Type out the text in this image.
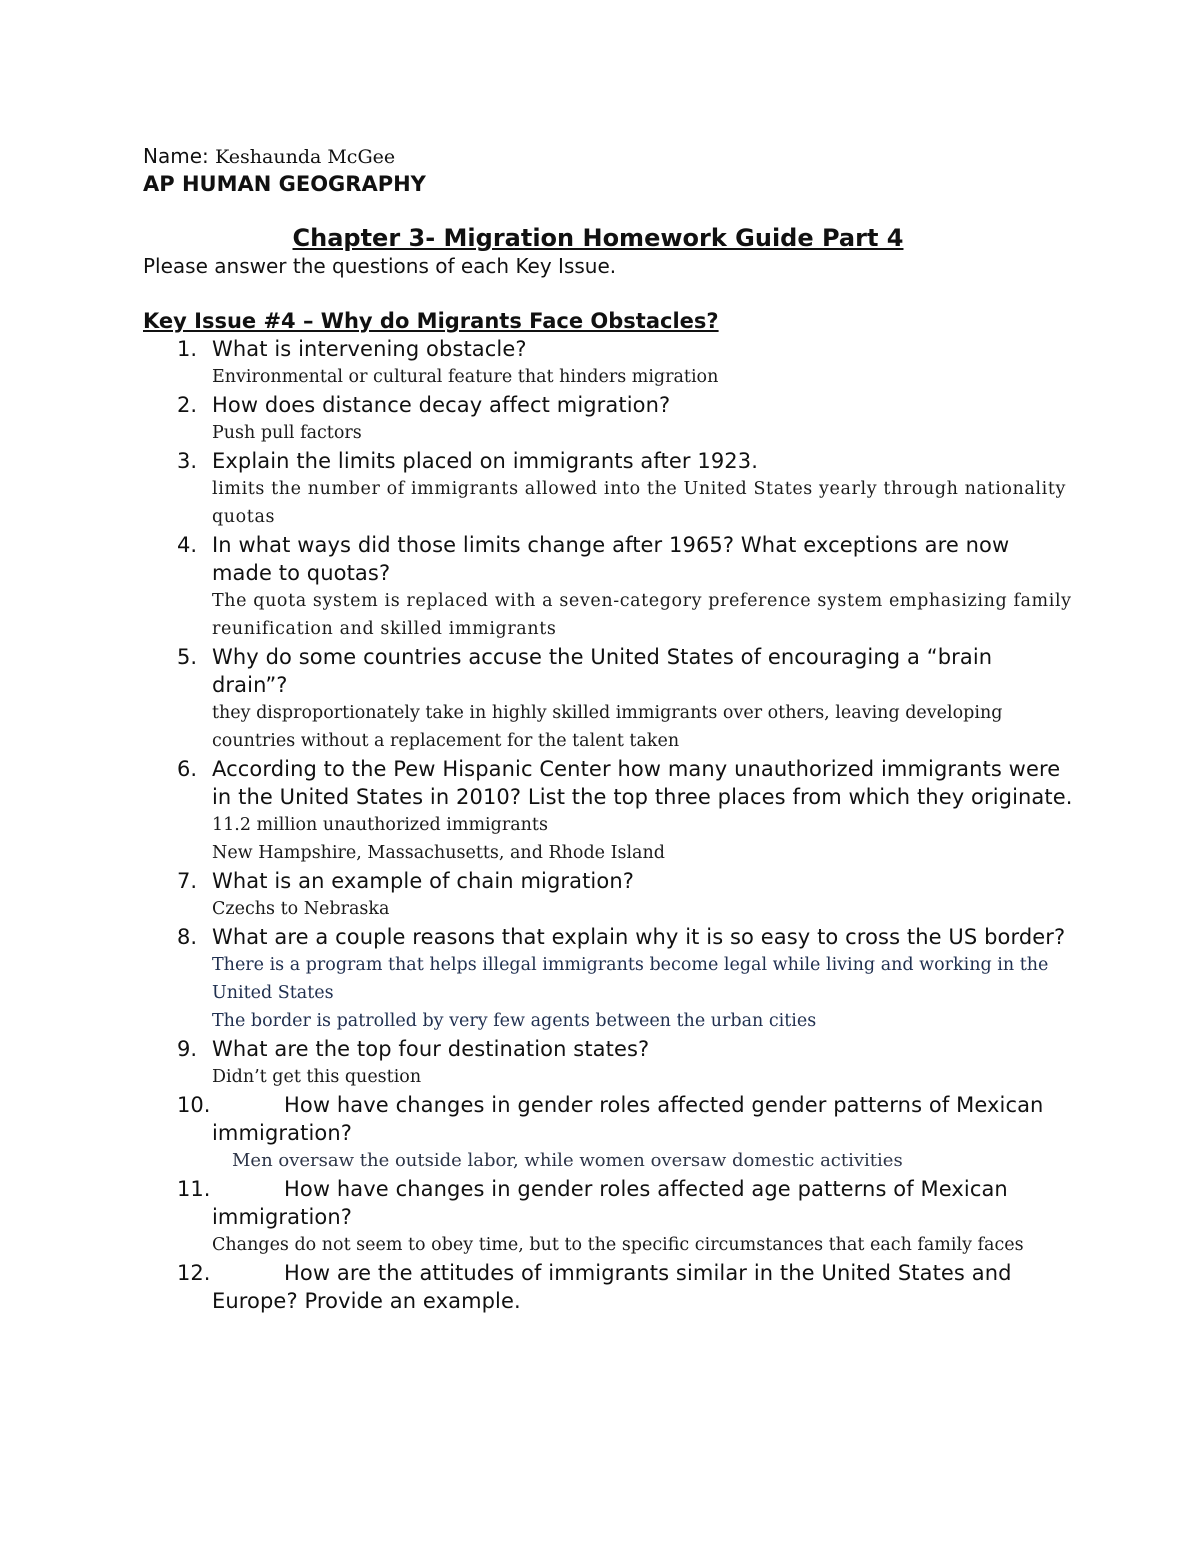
Name: Keshaunda McGee

AP HUMAN GEOGRAPHY

Chapter 3- Migration Homework Guide Part 4

Please answer the questions of each Key Issue.

Key Issue #4 – Why do Migrants Face Obstacles?
1. What is intervening obstacle?

Environmental or cultural feature that hinders migration

2. How does distance decay affect migration?

Push pull factors

3. Explain the limits placed on immigrants after 1923.

limits the number of immigrants allowed into the United States yearly through nationality quotas

4. In what ways did those limits change after 1965? What exceptions are now made to quotas?

The quota system is replaced with a seven-category preference system emphasizing family reunification and skilled immigrants

5. Why do some countries accuse the United States of encouraging a “brain drain”?

they disproportionately take in highly skilled immigrants over others, leaving developing countries without a replacement for the talent taken

6. According to the Pew Hispanic Center how many unauthorized immigrants were in the United States in 2010? List the top three places from which they originate.

11.2 million unauthorized immigrants

New Hampshire, Massachusetts, and Rhode Island

7. What is an example of chain migration?

Czechs to Nebraska

8. What are a couple reasons that explain why it is so easy to cross the US border?

There is a program that helps illegal immigrants become legal while living and working in the United States

The border is patrolled by very few agents between the urban cities

9. What are the top four destination states?

Didn’t get this question

10.	How have changes in gender roles affected gender patterns of Mexican immigration?

Men oversaw the outside labor, while women oversaw domestic activities

11.	How have changes in gender roles affected age patterns of Mexican immigration?

Changes do not seem to obey time, but to the specific circumstances that each family faces

12.	How are the attitudes of immigrants similar in the United States and Europe? Provide an example.
